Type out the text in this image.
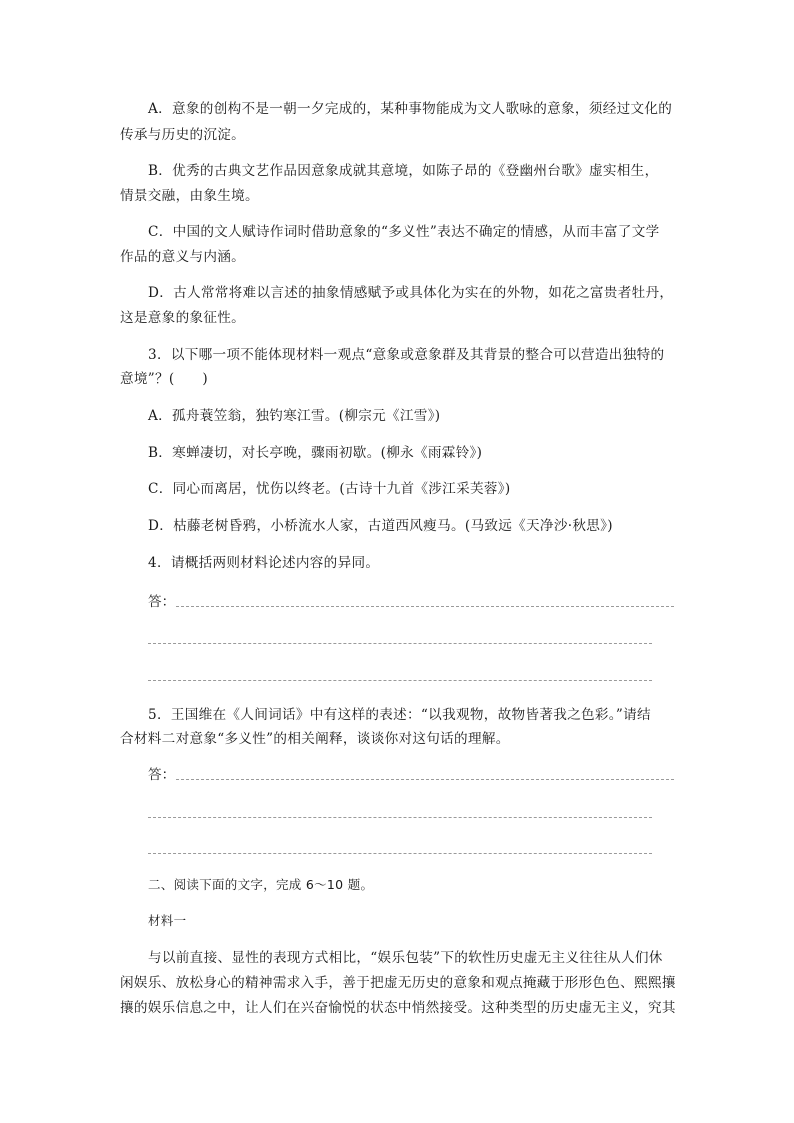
A．意象的创构不是一朝一夕完成的，某种事物能成为文人歌咏的意象，须经过文化的

传承与历史的沉淀。

B．优秀的古典文艺作品因意象成就其意境，如陈子昂的《登幽州台歌》虚实相生，

情景交融，由象生境。

C．中国的文人赋诗作词时借助意象的“多义性”表达不确定的情感，从而丰富了文学

作品的意义与内涵。

D．古人常常将难以言述的抽象情感赋予或具体化为实在的外物，如花之富贵者牡丹，

这是意象的象征性。

3．以下哪一项不能体现材料一观点“意象或意象群及其背景的整合可以营造出独特的

意境”？(　　)

A．孤舟蓑笠翁，独钓寒江雪。(柳宗元《江雪》)

B．寒蝉凄切，对长亭晚，骤雨初歇。(柳永《雨霖铃》)

C．同心而离居，忧伤以终老。(古诗十九首《涉江采芙蓉》)

D．枯藤老树昏鸦，小桥流水人家，古道西风瘦马。(马致远《天净沙·秋思》)

4．请概括两则材料论述内容的异同。

答：

5．王国维在《人间词话》中有这样的表述：“以我观物，故物皆著我之色彩。”请结

合材料二对意象“多义性”的相关阐释，谈谈你对这句话的理解。

答：

二、阅读下面的文字，完成 6～10 题。

材料一

与以前直接、显性的表现方式相比，“娱乐包装”下的软性历史虚无主义往往从人们休

闲娱乐、放松身心的精神需求入手，善于把虚无历史的意象和观点掩藏于形形色色、熙熙攘

攘的娱乐信息之中，让人们在兴奋愉悦的状态中悄然接受。这种类型的历史虚无主义，究其
